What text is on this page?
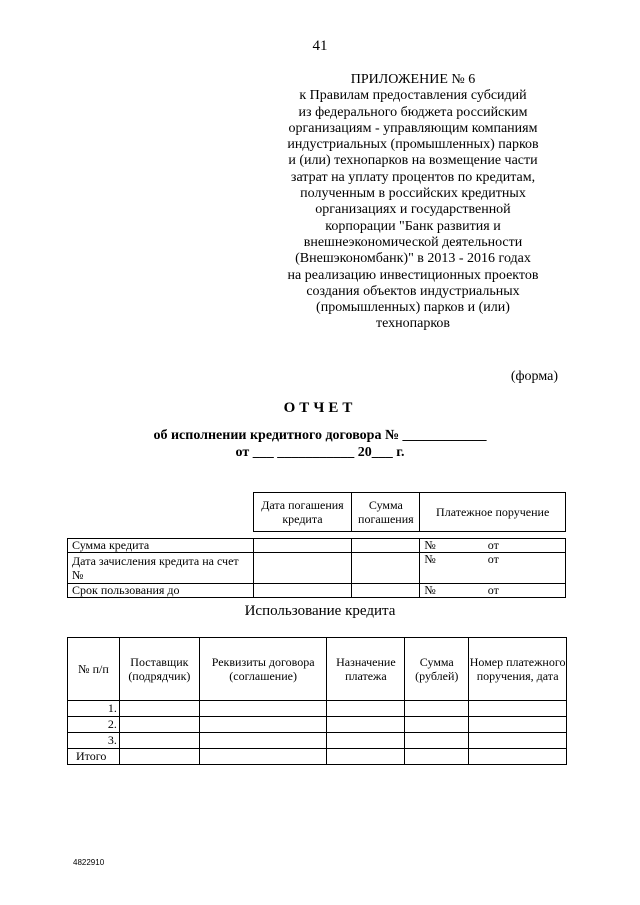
41
ПРИЛОЖЕНИЕ № 6
к Правилам предоставления субсидий
из федерального бюджета российским
организациям - управляющим компаниям
индустриальных (промышленных) парков
и (или) технопарков на возмещение части
затрат на уплату процентов по кредитам,
полученным в российских кредитных
организациях и государственной
корпорации "Банк развития и
внешнеэкономической деятельности
(Внешэкономбанк)" в 2013 - 2016 годах
на реализацию инвестиционных проектов
создания объектов индустриальных
(промышленных) парков и (или)
технопарков
(форма)
ОТЧЕТ
об исполнении кредитного договора № ____________
от ___ ___________ 20___ г.
	Дата погашения кредита	Сумма погашения	Платежное поручение

Сумма кредита			№ от
Дата зачисления кредита на счет №			№ от
Срок пользования до			№ от
Использование кредита
№ п/п	Поставщик (подрядчик)	Реквизиты договора (соглашение)	Назначение платежа	Сумма (рублей)	Номер платежного поручения, дата
1.					
2.					
3.					
Итого					
4822910
